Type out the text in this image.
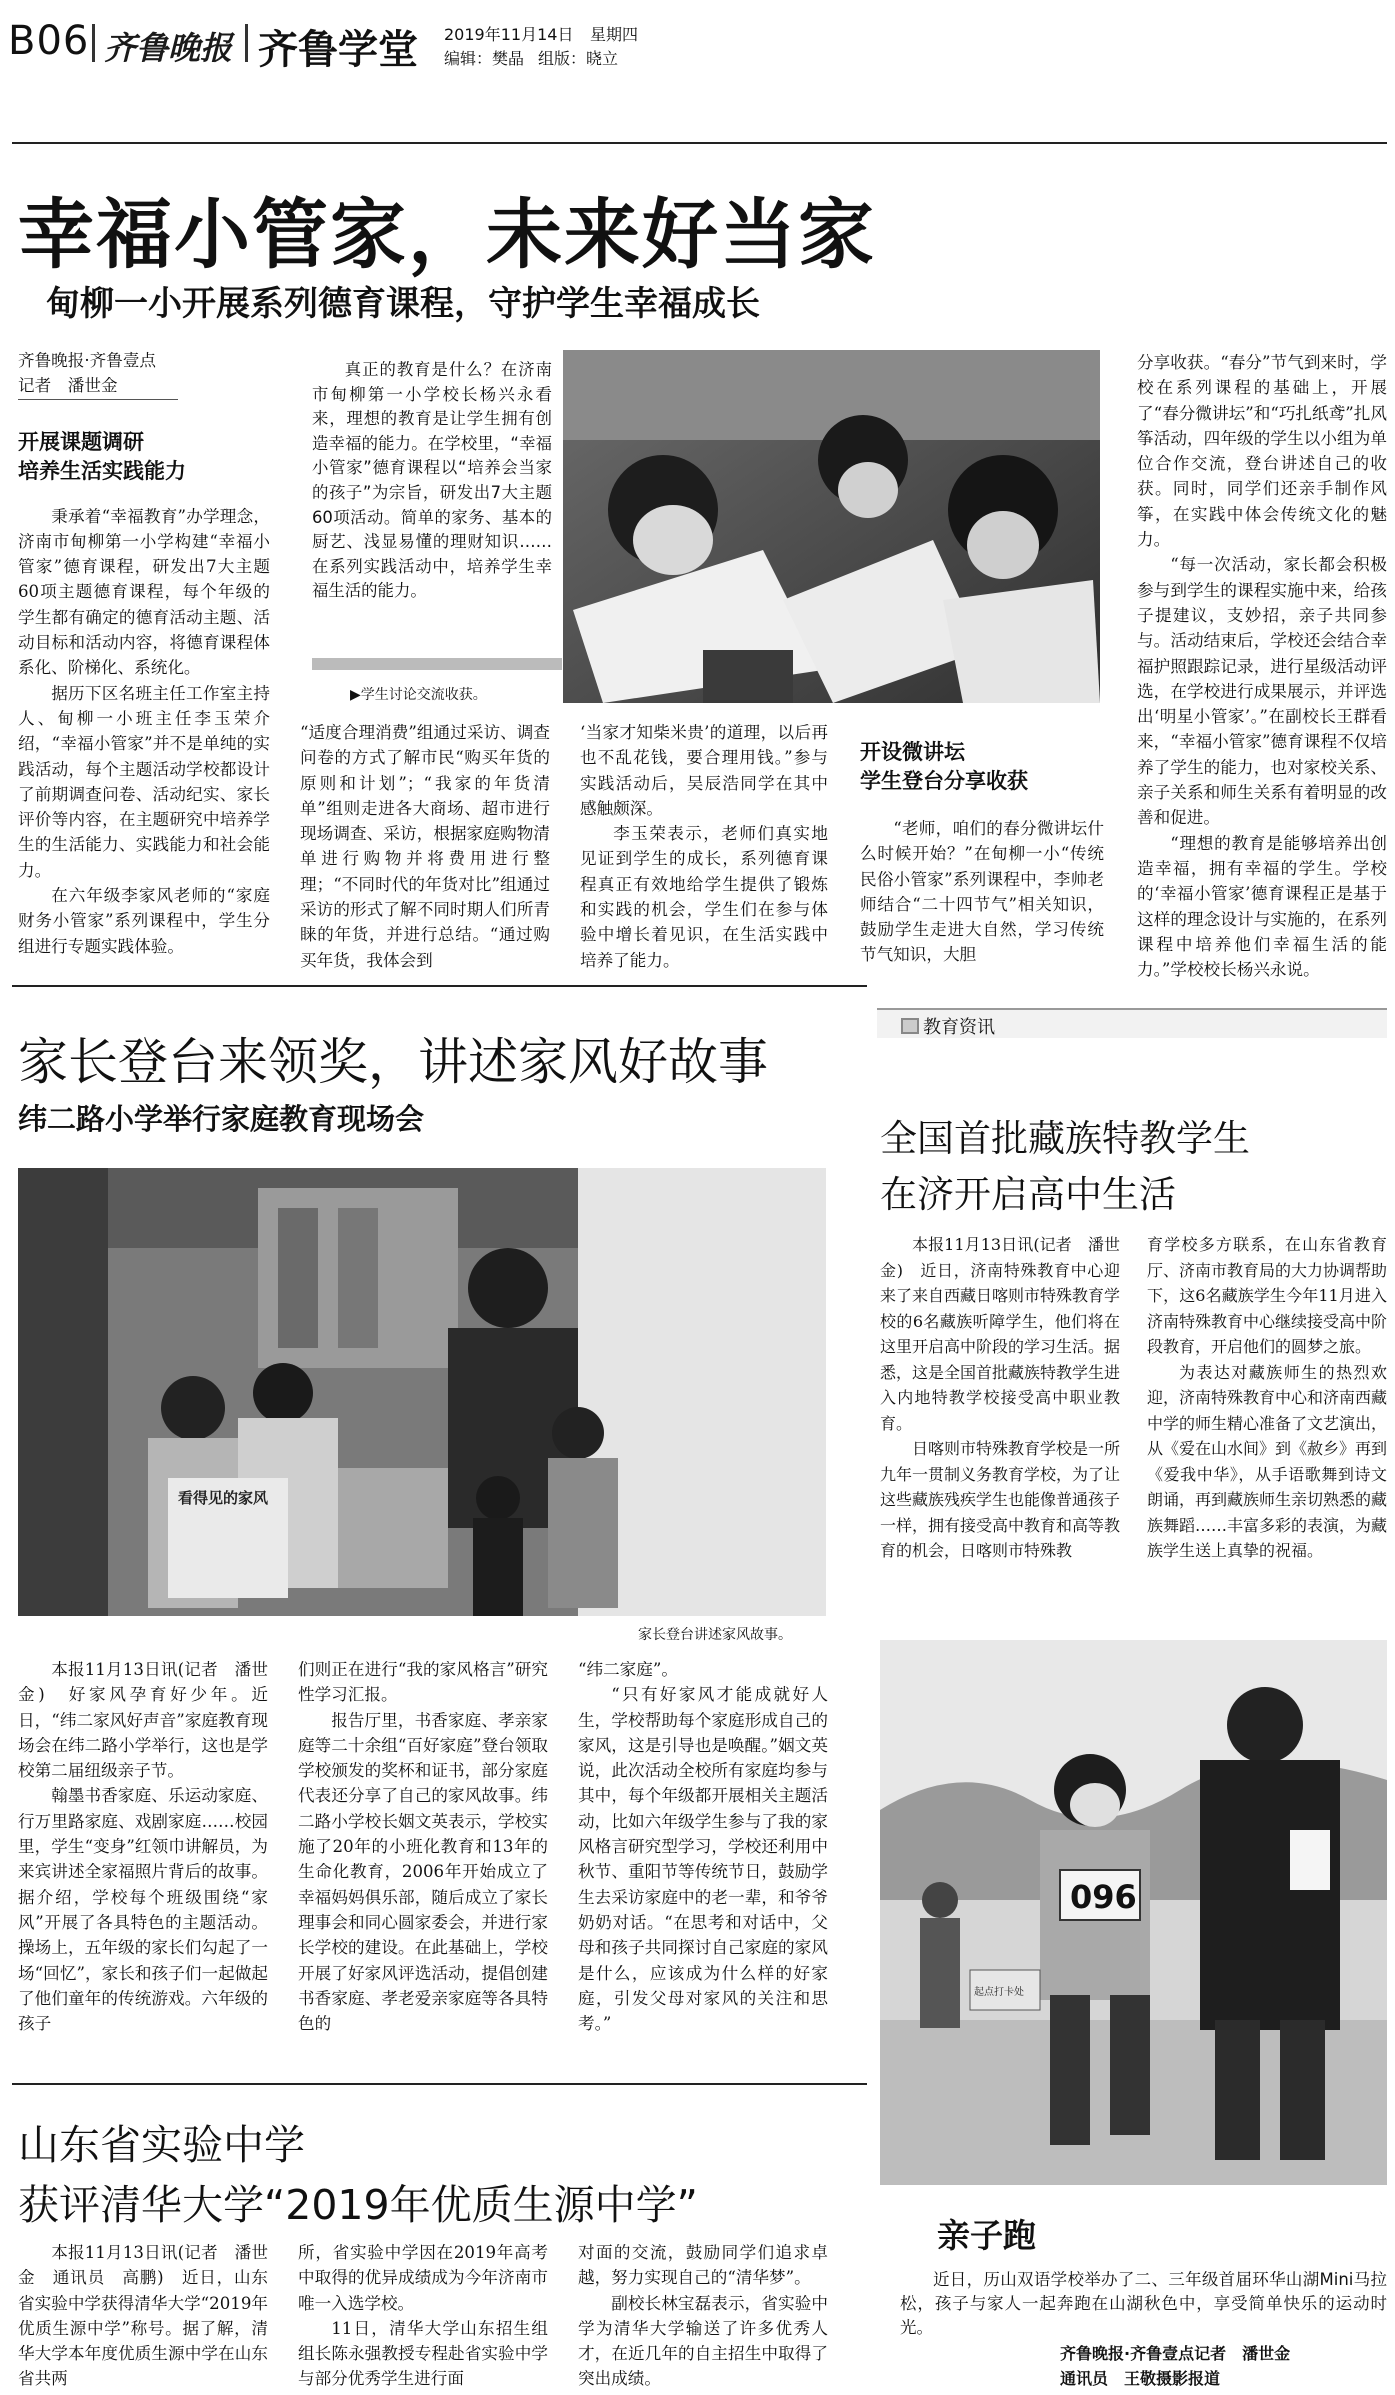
B06 齐鲁晚报 齐鲁学堂 2019年11月14日 星期四
编辑：樊晶 组版：晓立
幸福小管家，未来好当家
甸柳一小开展系列德育课程，守护学生幸福成长

齐鲁晚报·齐鲁壹点

记者　潘世金

开展课题调研
培养生活实践能力

秉承着“幸福教育”办学理念，济南市甸柳第一小学构建“幸福小管家”德育课程，研发出7大主题60项主题德育课程，每个年级的学生都有确定的德育活动主题、活动目标和活动内容，将德育课程体系化、阶梯化、系统化。

据历下区名班主任工作室主持人、甸柳一小班主任李玉荣介绍，“幸福小管家”并不是单纯的实践活动，每个主题活动学校都设计了前期调查问卷、活动纪实、家长评价等内容，在主题研究中培养学生的生活能力、实践能力和社会能力。

在六年级李家风老师的“家庭财务小管家”系列课程中，学生分组进行专题实践体验。

真正的教育是什么？在济南市甸柳第一小学校长杨兴永看来，理想的教育是让学生拥有创造幸福的能力。在学校里，“幸福小管家”德育课程以“培养会当家的孩子”为宗旨，研发出7大主题60项活动。简单的家务、基本的厨艺、浅显易懂的理财知识……在系列实践活动中，培养学生幸福生活的能力。

▶学生讨论交流收获。

“适度合理消费”组通过采访、调查问卷的方式了解市民“购买年货的原则和计划”；“我家的年货清单”组则走进各大商场、超市进行现场调查、采访，根据家庭购物清单进行购物并将费用进行整理；“不同时代的年货对比”组通过采访的形式了解不同时期人们所青睐的年货，并进行总结。“通过购买年货，我体会到

‘当家才知柴米贵’的道理，以后再也不乱花钱，要合理用钱。”参与实践活动后，吴辰浩同学在其中感触颇深。

李玉荣表示，老师们真实地见证到学生的成长，系列德育课程真正有效地给学生提供了锻炼和实践的机会，学生们在参与体验中增长着见识，在生活实践中培养了能力。

开设微讲坛
学生登台分享收获

“老师，咱们的春分微讲坛什么时候开始？”在甸柳一小“传统民俗小管家”系列课程中，李帅老师结合“二十四节气”相关知识，鼓励学生走进大自然，学习传统节气知识，大胆

分享收获。“春分”节气到来时，学校在系列课程的基础上，开展了“春分微讲坛”和“巧扎纸鸢”扎风筝活动，四年级的学生以小组为单位合作交流，登台讲述自己的收获。同时，同学们还亲手制作风筝，在实践中体会传统文化的魅力。

“每一次活动，家长都会积极参与到学生的课程实施中来，给孩子提建议，支妙招，亲子共同参与。活动结束后，学校还会结合幸福护照跟踪记录，进行星级活动评选，在学校进行成果展示，并评选出‘明星小管家’。”在副校长王群看来，“幸福小管家”德育课程不仅培养了学生的能力，也对家校关系、亲子关系和师生关系有着明显的改善和促进。

“理想的教育是能够培养出创造幸福，拥有幸福的学生。学校的‘幸福小管家’德育课程正是基于这样的理念设计与实施的，在系列课程中培养他们幸福生活的能力。”学校校长杨兴永说。

家长登台来领奖，讲述家风好故事
纬二路小学举行家庭教育现场会
看得见的家风
家长登台讲述家风故事。

本报11月13日讯(记者　潘世金)　好家风孕育好少年。近日，“纬二家风好声音”家庭教育现场会在纬二路小学举行，这也是学校第二届纽级亲子节。

翰墨书香家庭、乐运动家庭、行万里路家庭、戏剧家庭……校园里，学生“变身”红领巾讲解员，为来宾讲述全家福照片背后的故事。据介绍，学校每个班级围绕“家风”开展了各具特色的主题活动。操场上，五年级的家长们勾起了一场“回忆”，家长和孩子们一起做起了他们童年的传统游戏。六年级的孩子

们则正在进行“我的家风格言”研究性学习汇报。

报告厅里，书香家庭、孝亲家庭等二十余组“百好家庭”登台领取学校颁发的奖杯和证书，部分家庭代表还分享了自己的家风故事。纬二路小学校长姻文英表示，学校实施了20年的小班化教育和13年的生命化教育，2006年开始成立了幸福妈妈俱乐部，随后成立了家长理事会和同心圆家委会，并进行家长学校的建设。在此基础上，学校开展了好家风评选活动，提倡创建书香家庭、孝老爱亲家庭等各具特色的

“纬二家庭”。

“只有好家风才能成就好人生，学校帮助每个家庭形成自己的家风，这是引导也是唤醒。”姻文英说，此次活动全校所有家庭均参与其中，每个年级都开展相关主题活动，比如六年级学生参与了我的家风格言研究型学习，学校还利用中秋节、重阳节等传统节日，鼓励学生去采访家庭中的老一辈，和爷爷奶奶对话。“在思考和对话中，父母和孩子共同探讨自己家庭的家风是什么，应该成为什么样的好家庭，引发父母对家风的关注和思考。”

教育资讯
全国首批藏族特教学生
在济开启高中生活

本报11月13日讯(记者　潘世金)　近日，济南特殊教育中心迎来了来自西藏日喀则市特殊教育学校的6名藏族听障学生，他们将在这里开启高中阶段的学习生活。据悉，这是全国首批藏族特教学生进入内地特教学校接受高中职业教育。

日喀则市特殊教育学校是一所九年一贯制义务教育学校，为了让这些藏族残疾学生也能像普通孩子一样，拥有接受高中教育和高等教育的机会，日喀则市特殊教

育学校多方联系，在山东省教育厅、济南市教育局的大力协调帮助下，这6名藏族学生今年11月进入济南特殊教育中心继续接受高中阶段教育，开启他们的圆梦之旅。

为表达对藏族师生的热烈欢迎，济南特殊教育中心和济南西藏中学的师生精心准备了文艺演出，从《爱在山水间》到《赦乡》再到《爱我中华》，从手语歌舞到诗文朗诵，再到藏族师生亲切熟悉的藏族舞蹈……丰富多彩的表演，为藏族学生送上真挚的祝福。

山东省实验中学
获评清华大学“2019年优质生源中学”

本报11月13日讯(记者　潘世金　通讯员　高鹏)　近日，山东省实验中学获得清华大学“2019年优质生源中学”称号。据了解，清华大学本年度优质生源中学在山东省共两

所，省实验中学因在2019年高考中取得的优异成绩成为今年济南市唯一入选学校。

11日，清华大学山东招生组组长陈永强教授专程赴省实验中学与部分优秀学生进行面

对面的交流，鼓励同学们追求卓越，努力实现自己的“清华梦”。

副校长林宝磊表示，省实验中学为清华大学输送了许多优秀人才，在近几年的自主招生中取得了突出成绩。

096
起点打卡处
亲子跑

近日，历山双语学校举办了二、三年级首届环华山湖Mini马拉松，孩子与家人一起奔跑在山湖秋色中，享受简单快乐的运动时光。

齐鲁晚报·齐鲁壹点记者　潘世金
通讯员　王敬摄影报道
